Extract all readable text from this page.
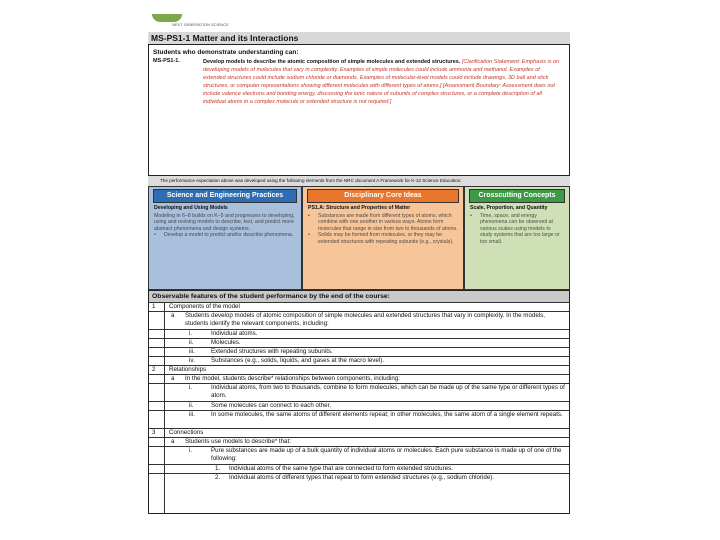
NEXT GENERATION SCIENCE
MS-PS1-1 Matter and its Interactions
Students who demonstrate understanding can:
MS-PS1-1.	Develop models to describe the atomic composition of simple molecules and extended structures. [Clarification Statement: Emphasis is on developing models of molecules that vary in complexity. Examples of simple molecules could include ammonia and methanol. Examples of extended structures could include sodium chloride or diamonds. Examples of molecular-level models could include drawings, 3D ball and stick structures, or computer representations showing different molecules with different types of atoms.] [Assessment Boundary: Assessment does not include valence electrons and bonding energy, discussing the ionic nature of subunits of complex structures, or a complete description of all individual atoms in a complex molecule or extended structure is not required.]
The performance expectation above was developed using the following elements from the NRC document A Framework for K-12 Science Education:
Science and Engineering Practices
Developing and Using Models
Modeling in 6–8 builds on K–5 and progresses to developing, using and revising models to describe, test, and predict more abstract phenomena and design systems.
• Develop a model to predict and/or describe phenomena.
Disciplinary Core Ideas
PS1.A: Structure and Properties of Matter
• Substances are made from different types of atoms, which combine with one another in various ways. Atoms form molecules that range in size from two to thousands of atoms.
• Solids may be formed from molecules, or they may be extended structures with repeating subunits (e.g., crystals).
Crosscutting Concepts
Scale, Proportion, and Quantity
• Time, space, and energy phenomena can be observed at various scales using models to study systems that are too large or too small.
Observable features of the student performance by the end of the course:
1 Components of the model
a Students develop models of atomic composition of simple molecules and extended structures that vary in complexity. In the models, students identify the relevant components, including:
i.	Individual atoms.
ii.	Molecules.
iii.	Extended structures with repeating subunits.
iv.	Substances (e.g., solids, liquids, and gases at the macro level).
2 Relationships
a In the model, students describe* relationships between components, including:
i.	Individual atoms, from two to thousands, combine to form molecules, which can be made up of the same type or different types of atom.
ii.	Some molecules can connect to each other.
iii.	In some molecules, the same atoms of different elements repeat; in other molecules, the same atom of a single element repeats.
3 Connections
a Students use models to describe* that:
i.	Pure substances are made up of a bulk quantity of individual atoms or molecules. Each pure substance is made up of one of the following:
1. Individual atoms of the same type that are connected to form extended structures.
2. Individual atoms of different types that repeat to form extended structures (e.g., sodium chloride).
